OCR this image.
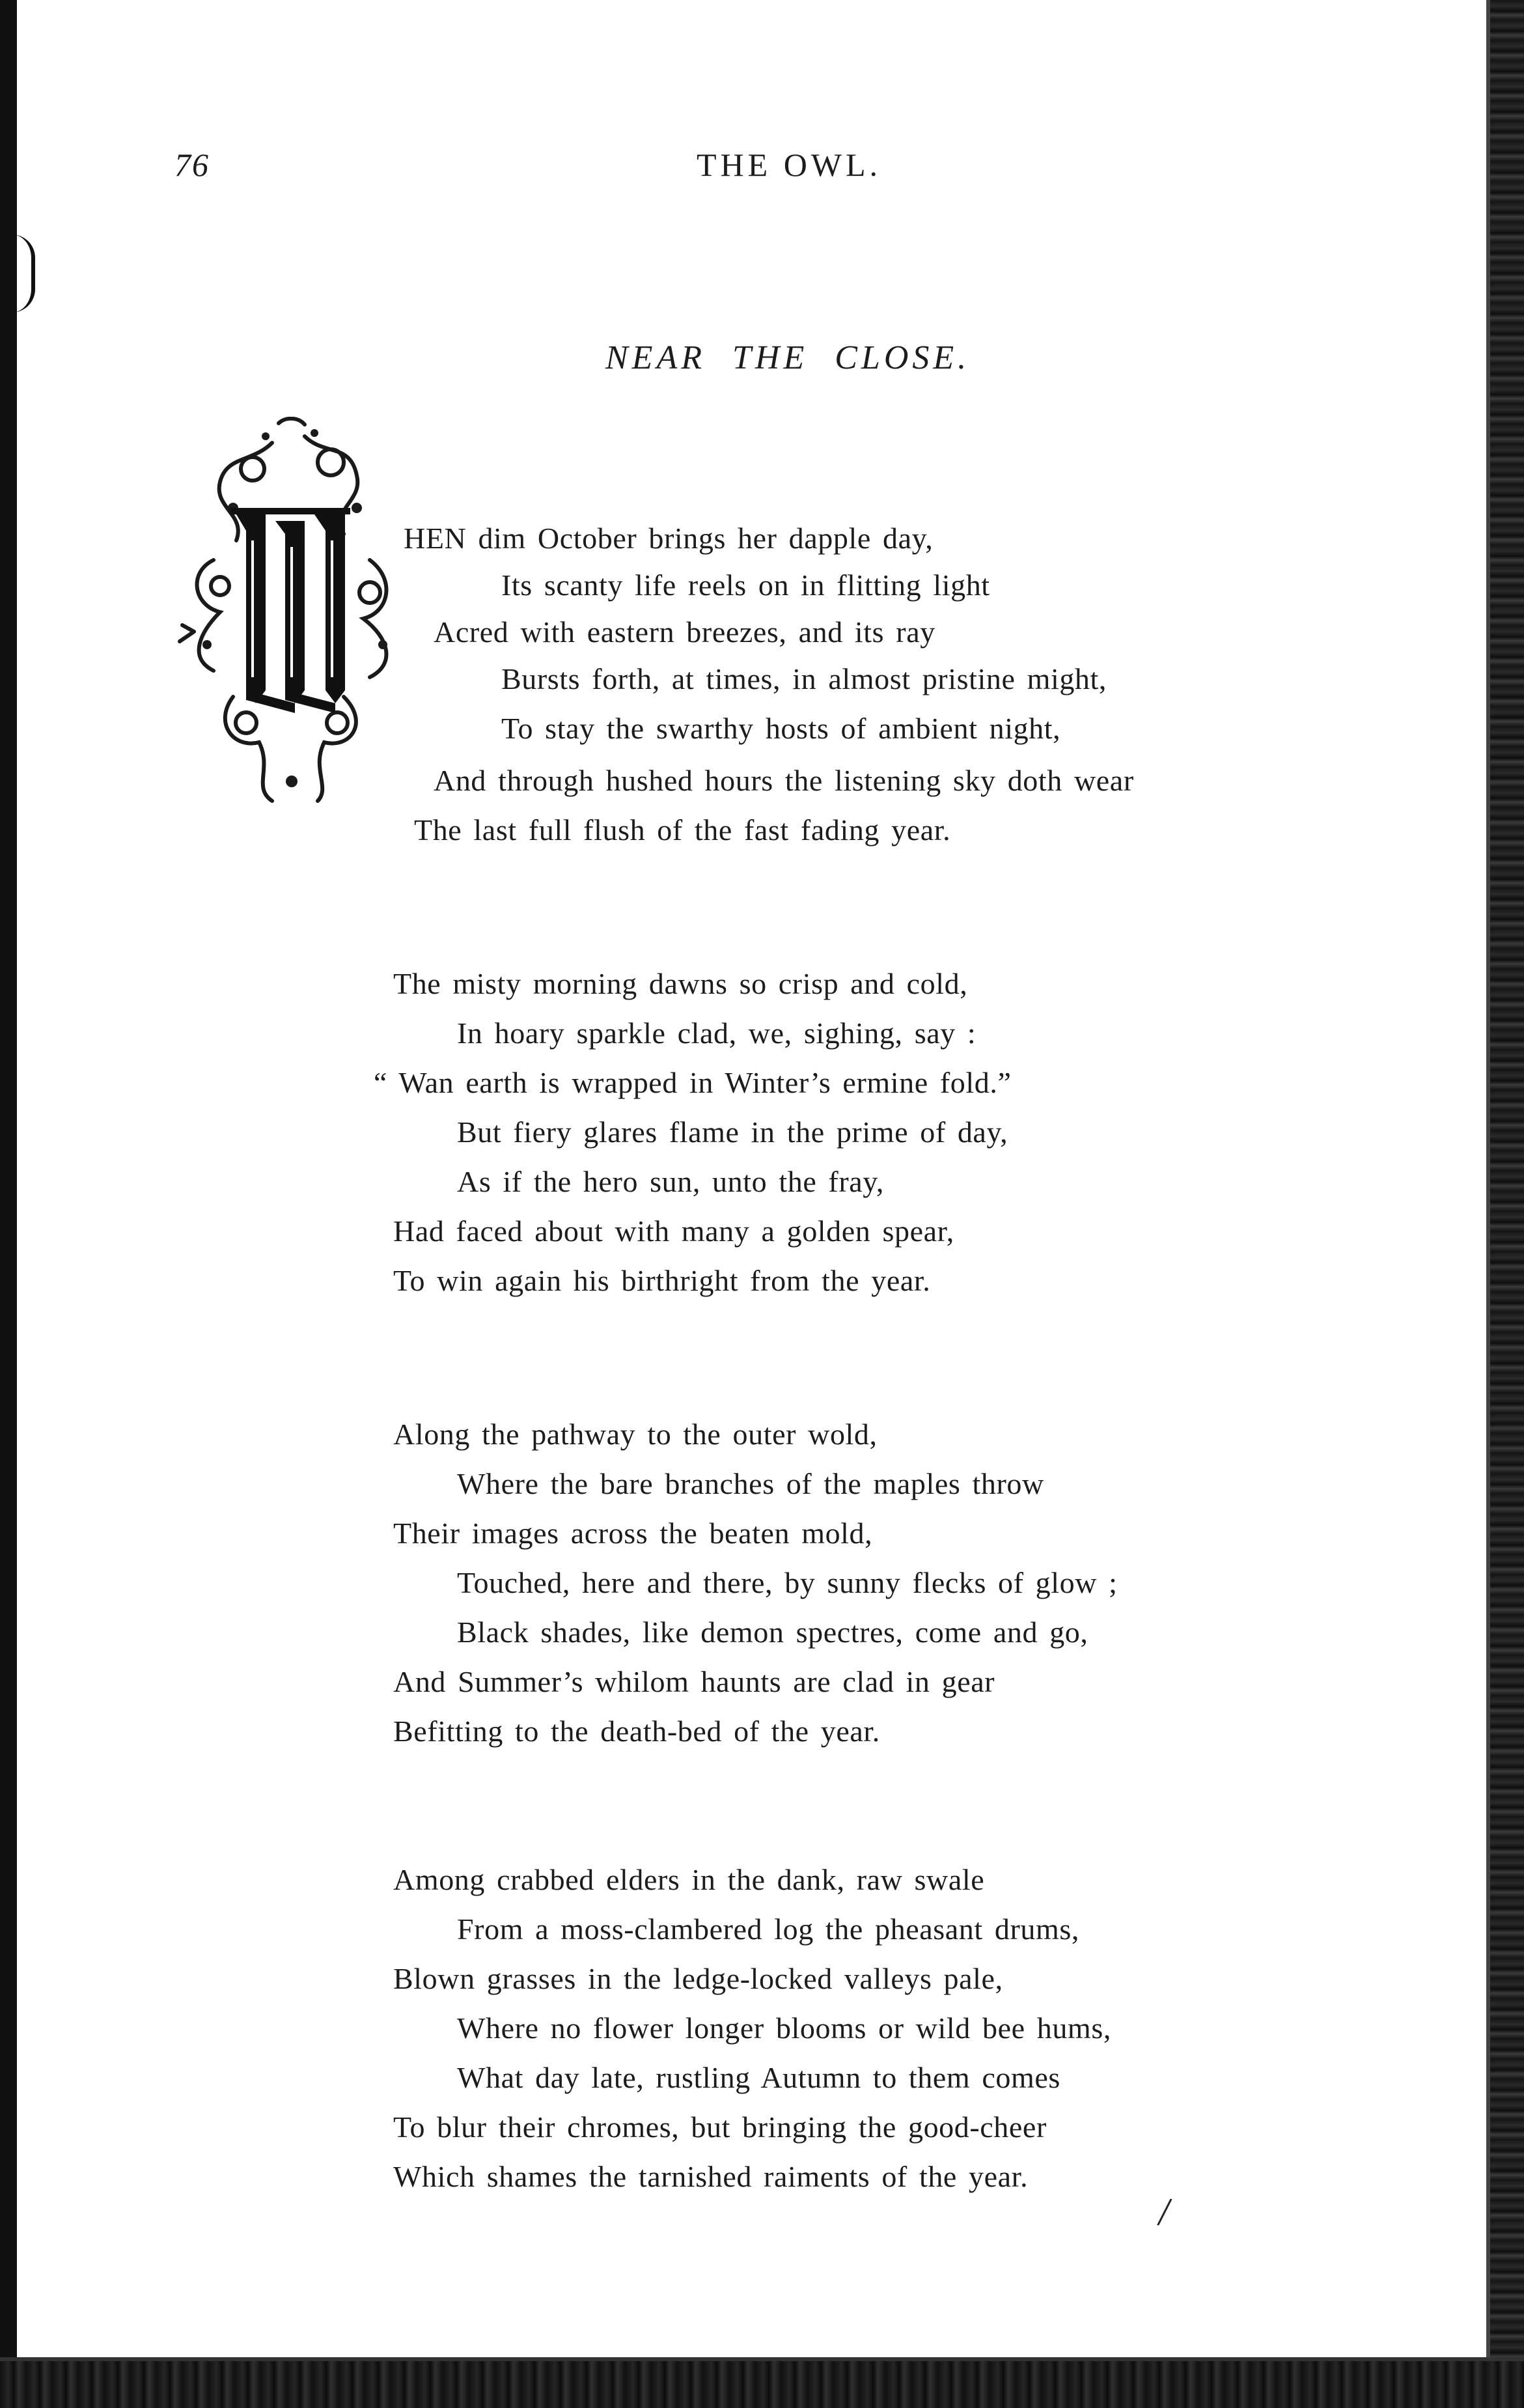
76	THE OWL.
NEAR THE CLOSE.
HEN dim October brings her dapple day,
Its scanty life reels on in flitting light
Acred with eastern breezes, and its ray
Bursts forth, at times, in almost pristine might,
To stay the swarthy hosts of ambient night,
And through hushed hours the listening sky doth wear
The last full flush of the fast fading year.
The misty morning dawns so crisp and cold,
In hoary sparkle clad, we, sighing, say :
“ Wan earth is wrapped in Winter’s ermine fold.”
But fiery glares flame in the prime of day,
As if the hero sun, unto the fray,
Had faced about with many a golden spear,
To win again his birthright from the year.
Along the pathway to the outer wold,
Where the bare branches of the maples throw
Their images across the beaten mold,
Touched, here and there, by sunny flecks of glow ;
Black shades, like demon spectres, come and go,
And Summer’s whilom haunts are clad in gear
Befitting to the death-bed of the year.
Among crabbed elders in the dank, raw swale
From a moss-clambered log the pheasant drums,
Blown grasses in the ledge-locked valleys pale,
Where no flower longer blooms or wild bee hums,
What day late, rustling Autumn to them comes
To blur their chromes, but bringing the good-cheer
Which shames the tarnished raiments of the year.
/
